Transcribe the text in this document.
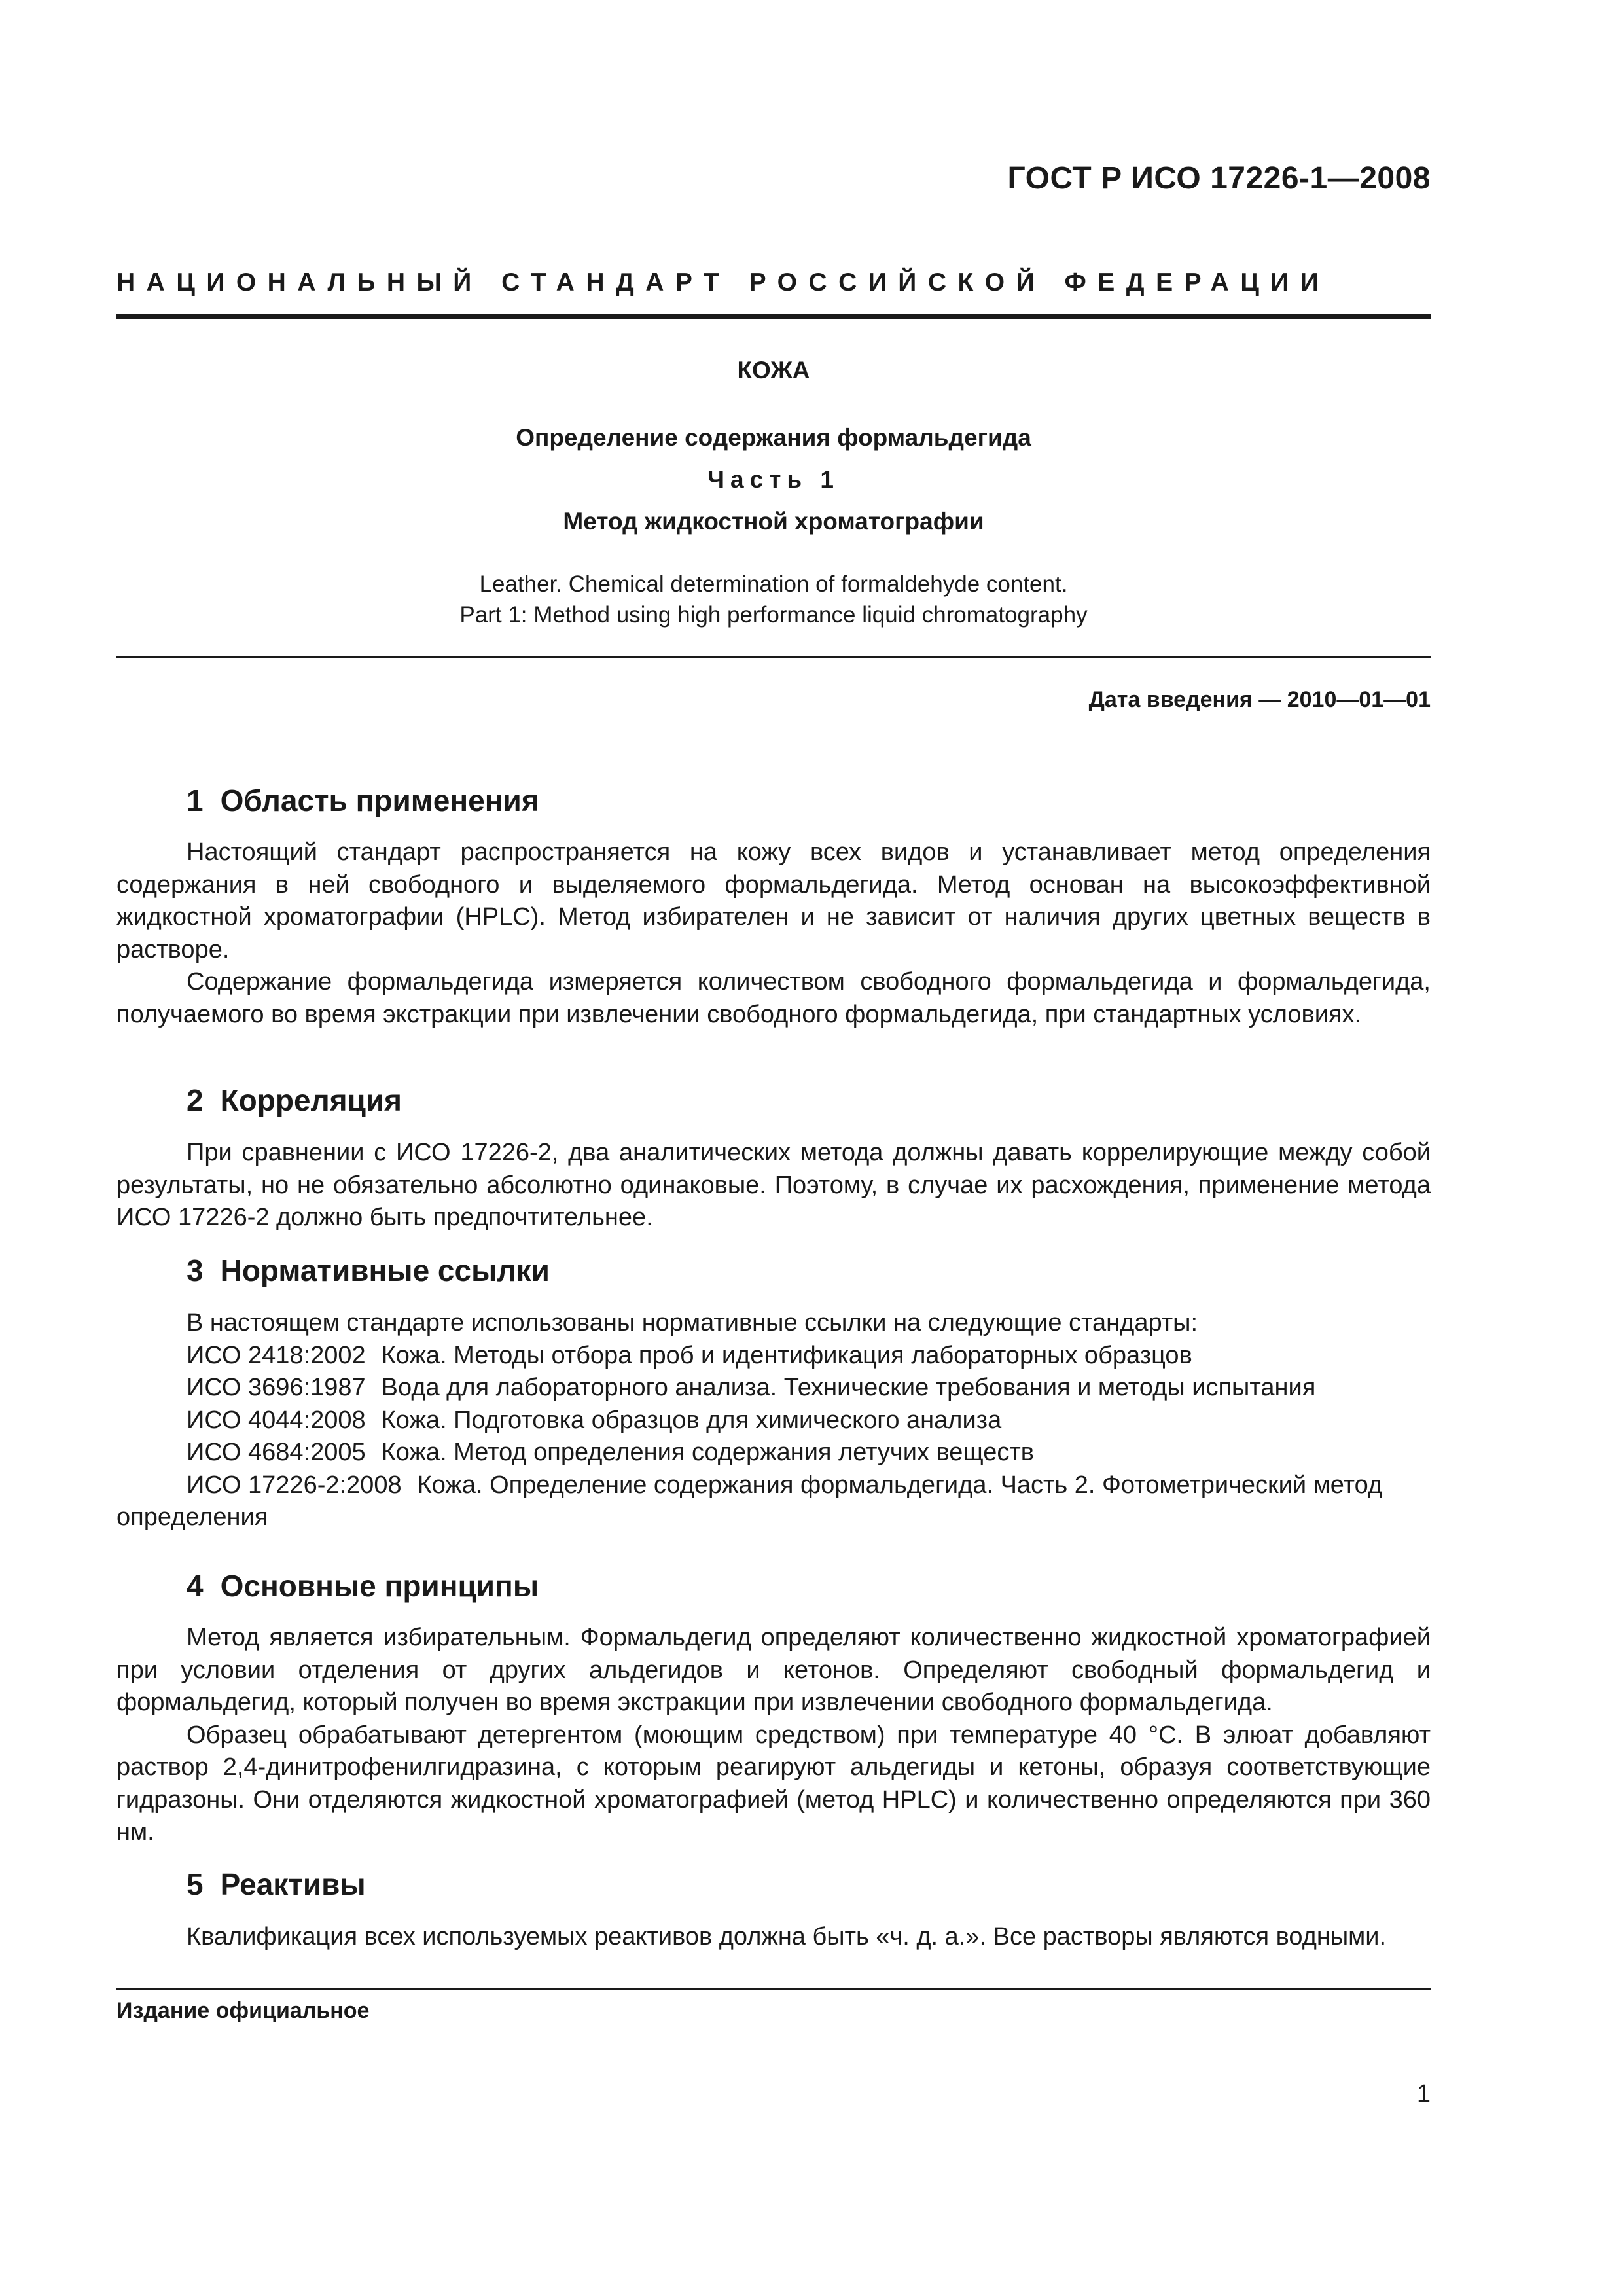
ГОСТ Р ИСО 17226-1—2008
НАЦИОНАЛЬНЫЙ СТАНДАРТ РОССИЙСКОЙ ФЕДЕРАЦИИ
КОЖА
Определение содержания формальдегида
Часть 1
Метод жидкостной хроматографии
Leather. Chemical determination of formaldehyde content.
Part 1: Method using high performance liquid chromatography
Дата введения — 2010—01—01
1 Область применения

Настоящий стандарт распространяется на кожу всех видов и устанавливает метод определения содержания в ней свободного и выделяемого формальдегида. Метод основан на высокоэффективной жидкостной хроматографии (HPLC). Метод избирателен и не зависит от наличия других цветных веществ в растворе.

Содержание формальдегида измеряется количеством свободного формальдегида и формальдегида, получаемого во время экстракции при извлечении свободного формальдегида, при стандартных условиях.

2 Корреляция

При сравнении с ИСО 17226-2, два аналитических метода должны давать коррелирующие между собой результаты, но не обязательно абсолютно одинаковые. Поэтому, в случае их расхождения, применение метода ИСО 17226-2 должно быть предпочтительнее.

3 Нормативные ссылки
В настоящем стандарте использованы нормативные ссылки на следующие стандарты:
ИСО 2418:2002 Кожа. Методы отбора проб и идентификация лабораторных образцов
ИСО 3696:1987 Вода для лабораторного анализа. Технические требования и методы испытания
ИСО 4044:2008 Кожа. Подготовка образцов для химического анализа
ИСО 4684:2005 Кожа. Метод определения содержания летучих веществ
ИСО 17226-2:2008 Кожа. Определение содержания формальдегида. Часть 2. Фотометрический метод определения
4 Основные принципы

Метод является избирательным. Формальдегид определяют количественно жидкостной хроматографией при условии отделения от других альдегидов и кетонов. Определяют свободный формальдегид и формальдегид, который получен во время экстракции при извлечении свободного формальдегида.

Образец обрабатывают детергентом (моющим средством) при температуре 40 °C. В элюат добавляют раствор 2,4-динитрофенилгидразина, с которым реагируют альдегиды и кетоны, образуя соответствующие гидразоны. Они отделяются жидкостной хроматографией (метод HPLC) и количественно определяются при 360 нм.

5 Реактивы

Квалификация всех используемых реактивов должна быть «ч. д. а.». Все растворы являются водными.

Издание официальное
1
